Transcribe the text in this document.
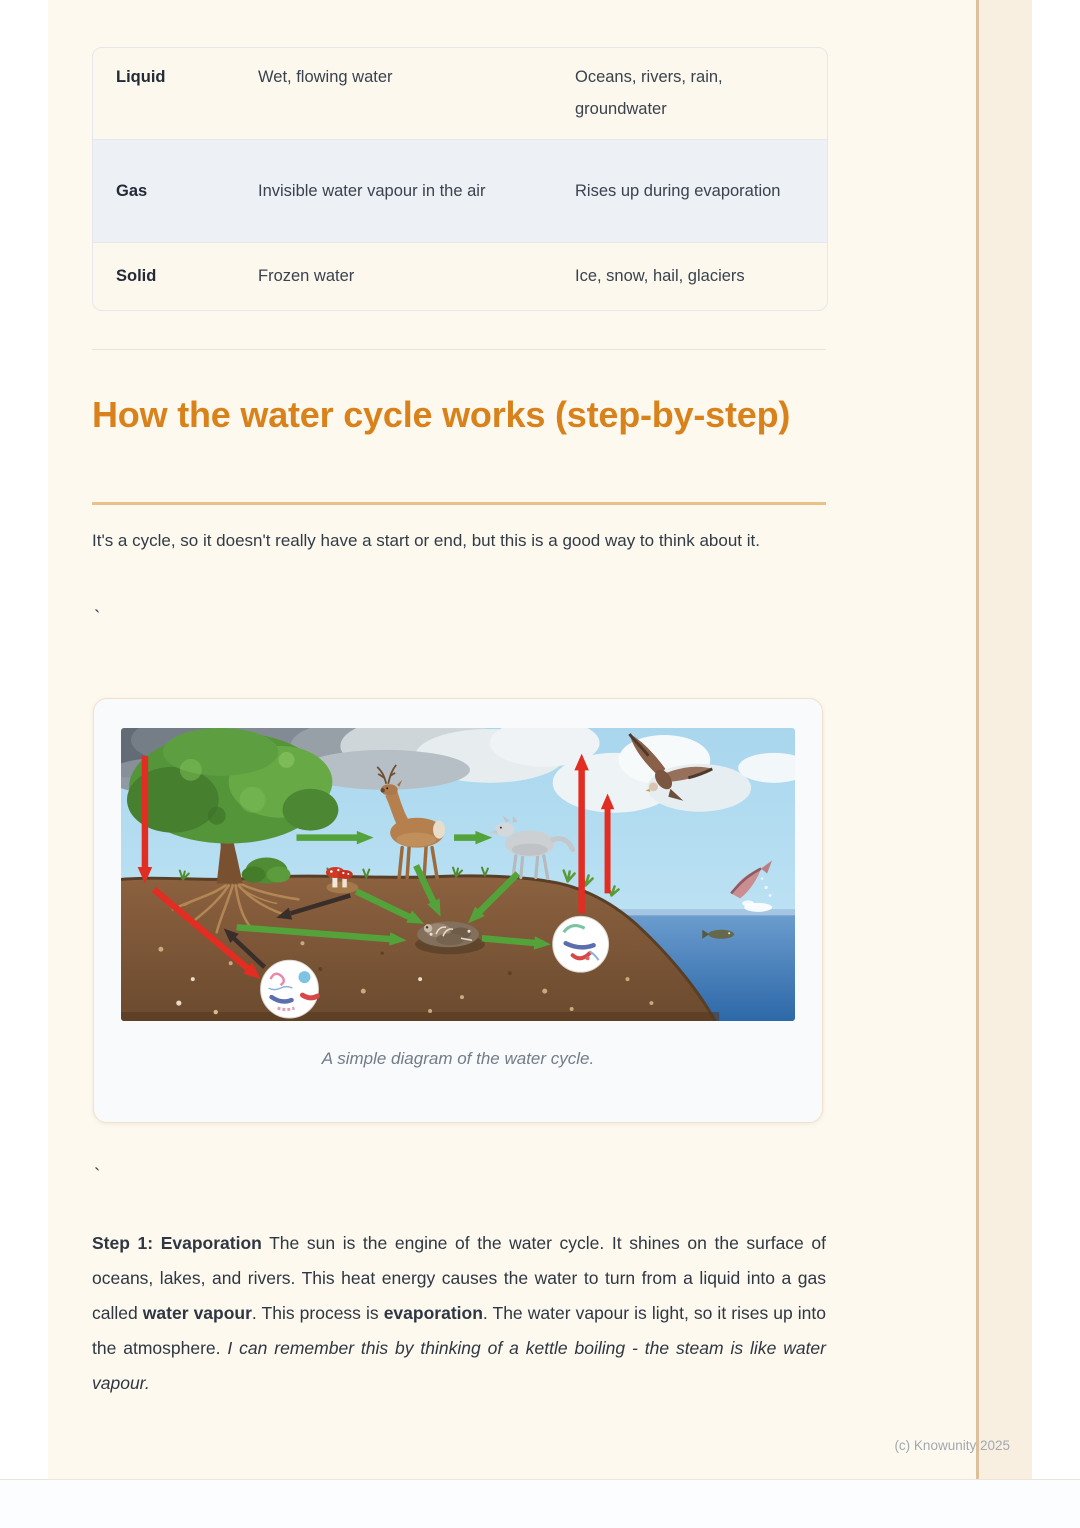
Liquid	Wet, flowing water	Oceans, rivers, rain, groundwater
Gas	Invisible water vapour in the air	Rises up during evaporation
Solid	Frozen water	Ice, snow, hail, glaciers
How the water cycle works (step-by-step)

It's a cycle, so it doesn't really have a start or end, but this is a good way to think about it.

`
A simple diagram of the water cycle.
`

Step 1: Evaporation The sun is the engine of the water cycle. It shines on the surface of oceans, lakes, and rivers. This heat energy causes the water to turn from a liquid into a gas called water vapour. This process is evaporation. The water vapour is light, so it rises up into the atmosphere. I can remember this by thinking of a kettle boiling - the steam is like water vapour.

(c) Knowunity 2025
